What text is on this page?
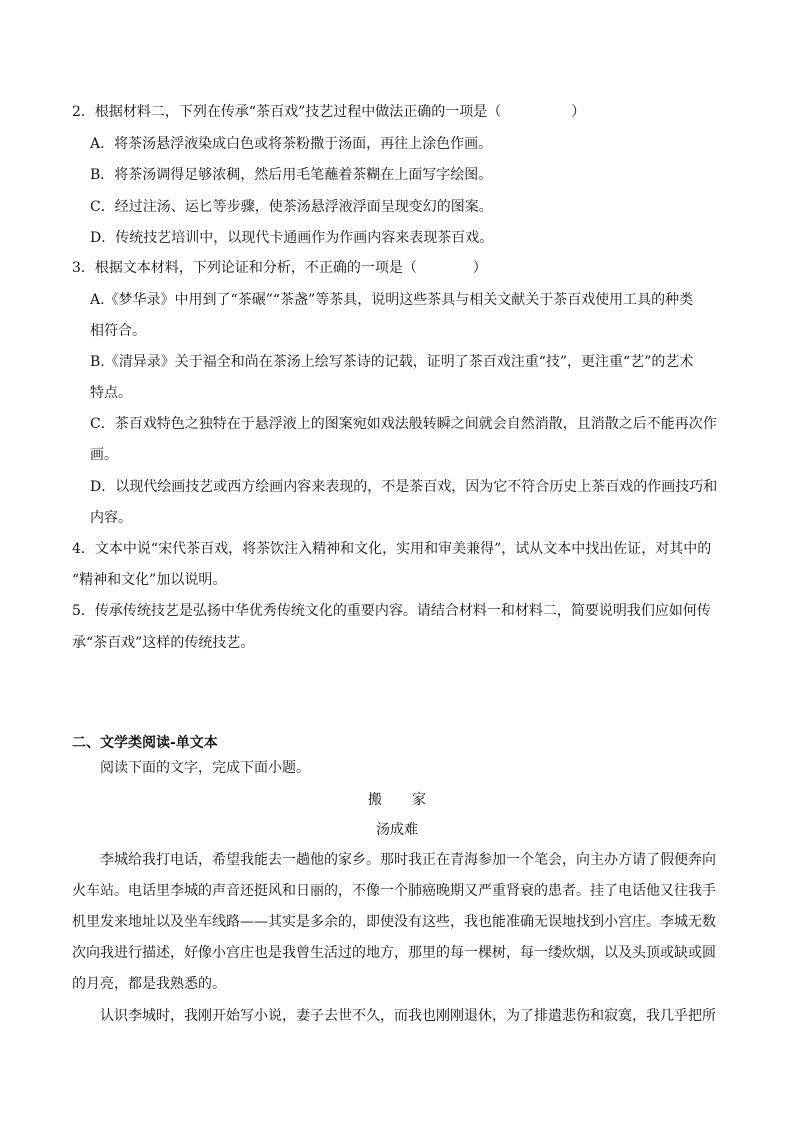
2．根据材料二，下列在传承“茶百戏”技艺过程中做法正确的一项是（　　　　　）
A．将茶汤悬浮液染成白色或将茶粉撒于汤面，再往上涂色作画。
B．将茶汤调得足够浓稠，然后用毛笔蘸着茶糊在上面写字绘图。
C．经过注汤、运匕等步骤，使茶汤悬浮液浮面呈现变幻的图案。
D．传统技艺培训中，以现代卡通画作为作画内容来表现茶百戏。
3．根据文本材料，下列论证和分析，不正确的一项是（　　　　）
A.《梦华录》中用到了“茶碾”“茶盏”等茶具，说明这些茶具与相关文献关于茶百戏使用工具的种类
相符合。
B.《清异录》关于福全和尚在茶汤上绘写茶诗的记载，证明了茶百戏注重“技”，更注重“艺”的艺术
特点。
C．茶百戏特色之独特在于悬浮液上的图案宛如戏法般转瞬之间就会自然消散，且消散之后不能再次作
画。
D．以现代绘画技艺或西方绘画内容来表现的，不是茶百戏，因为它不符合历史上茶百戏的作画技巧和
内容。
4．文本中说“宋代茶百戏，将茶饮注入精神和文化，实用和审美兼得”，试从文本中找出佐证，对其中的
“精神和文化”加以说明。
5．传承传统技艺是弘扬中华优秀传统文化的重要内容。请结合材料一和材料二，简要说明我们应如何传
承“茶百戏”这样的传统技艺。
二、文学类阅读-单文本
阅读下面的文字，完成下面小题。
搬 家
汤成难
李城给我打电话，希望我能去一趟他的家乡。那时我正在青海参加一个笔会，向主办方请了假便奔向
火车站。电话里李城的声音还挺风和日丽的，不像一个肺癌晚期又严重肾衰的患者。挂了电话他又往我手
机里发来地址以及坐车线路——其实是多余的，即使没有这些，我也能准确无误地找到小宫庄。李城无数
次向我进行描述，好像小宫庄也是我曾生活过的地方，那里的每一棵树，每一缕炊烟，以及头顶或缺或圆
的月亮，都是我熟悉的。
认识李城时，我刚开始写小说，妻子去世不久，而我也刚刚退休，为了排遣悲伤和寂寞，我几乎把所
